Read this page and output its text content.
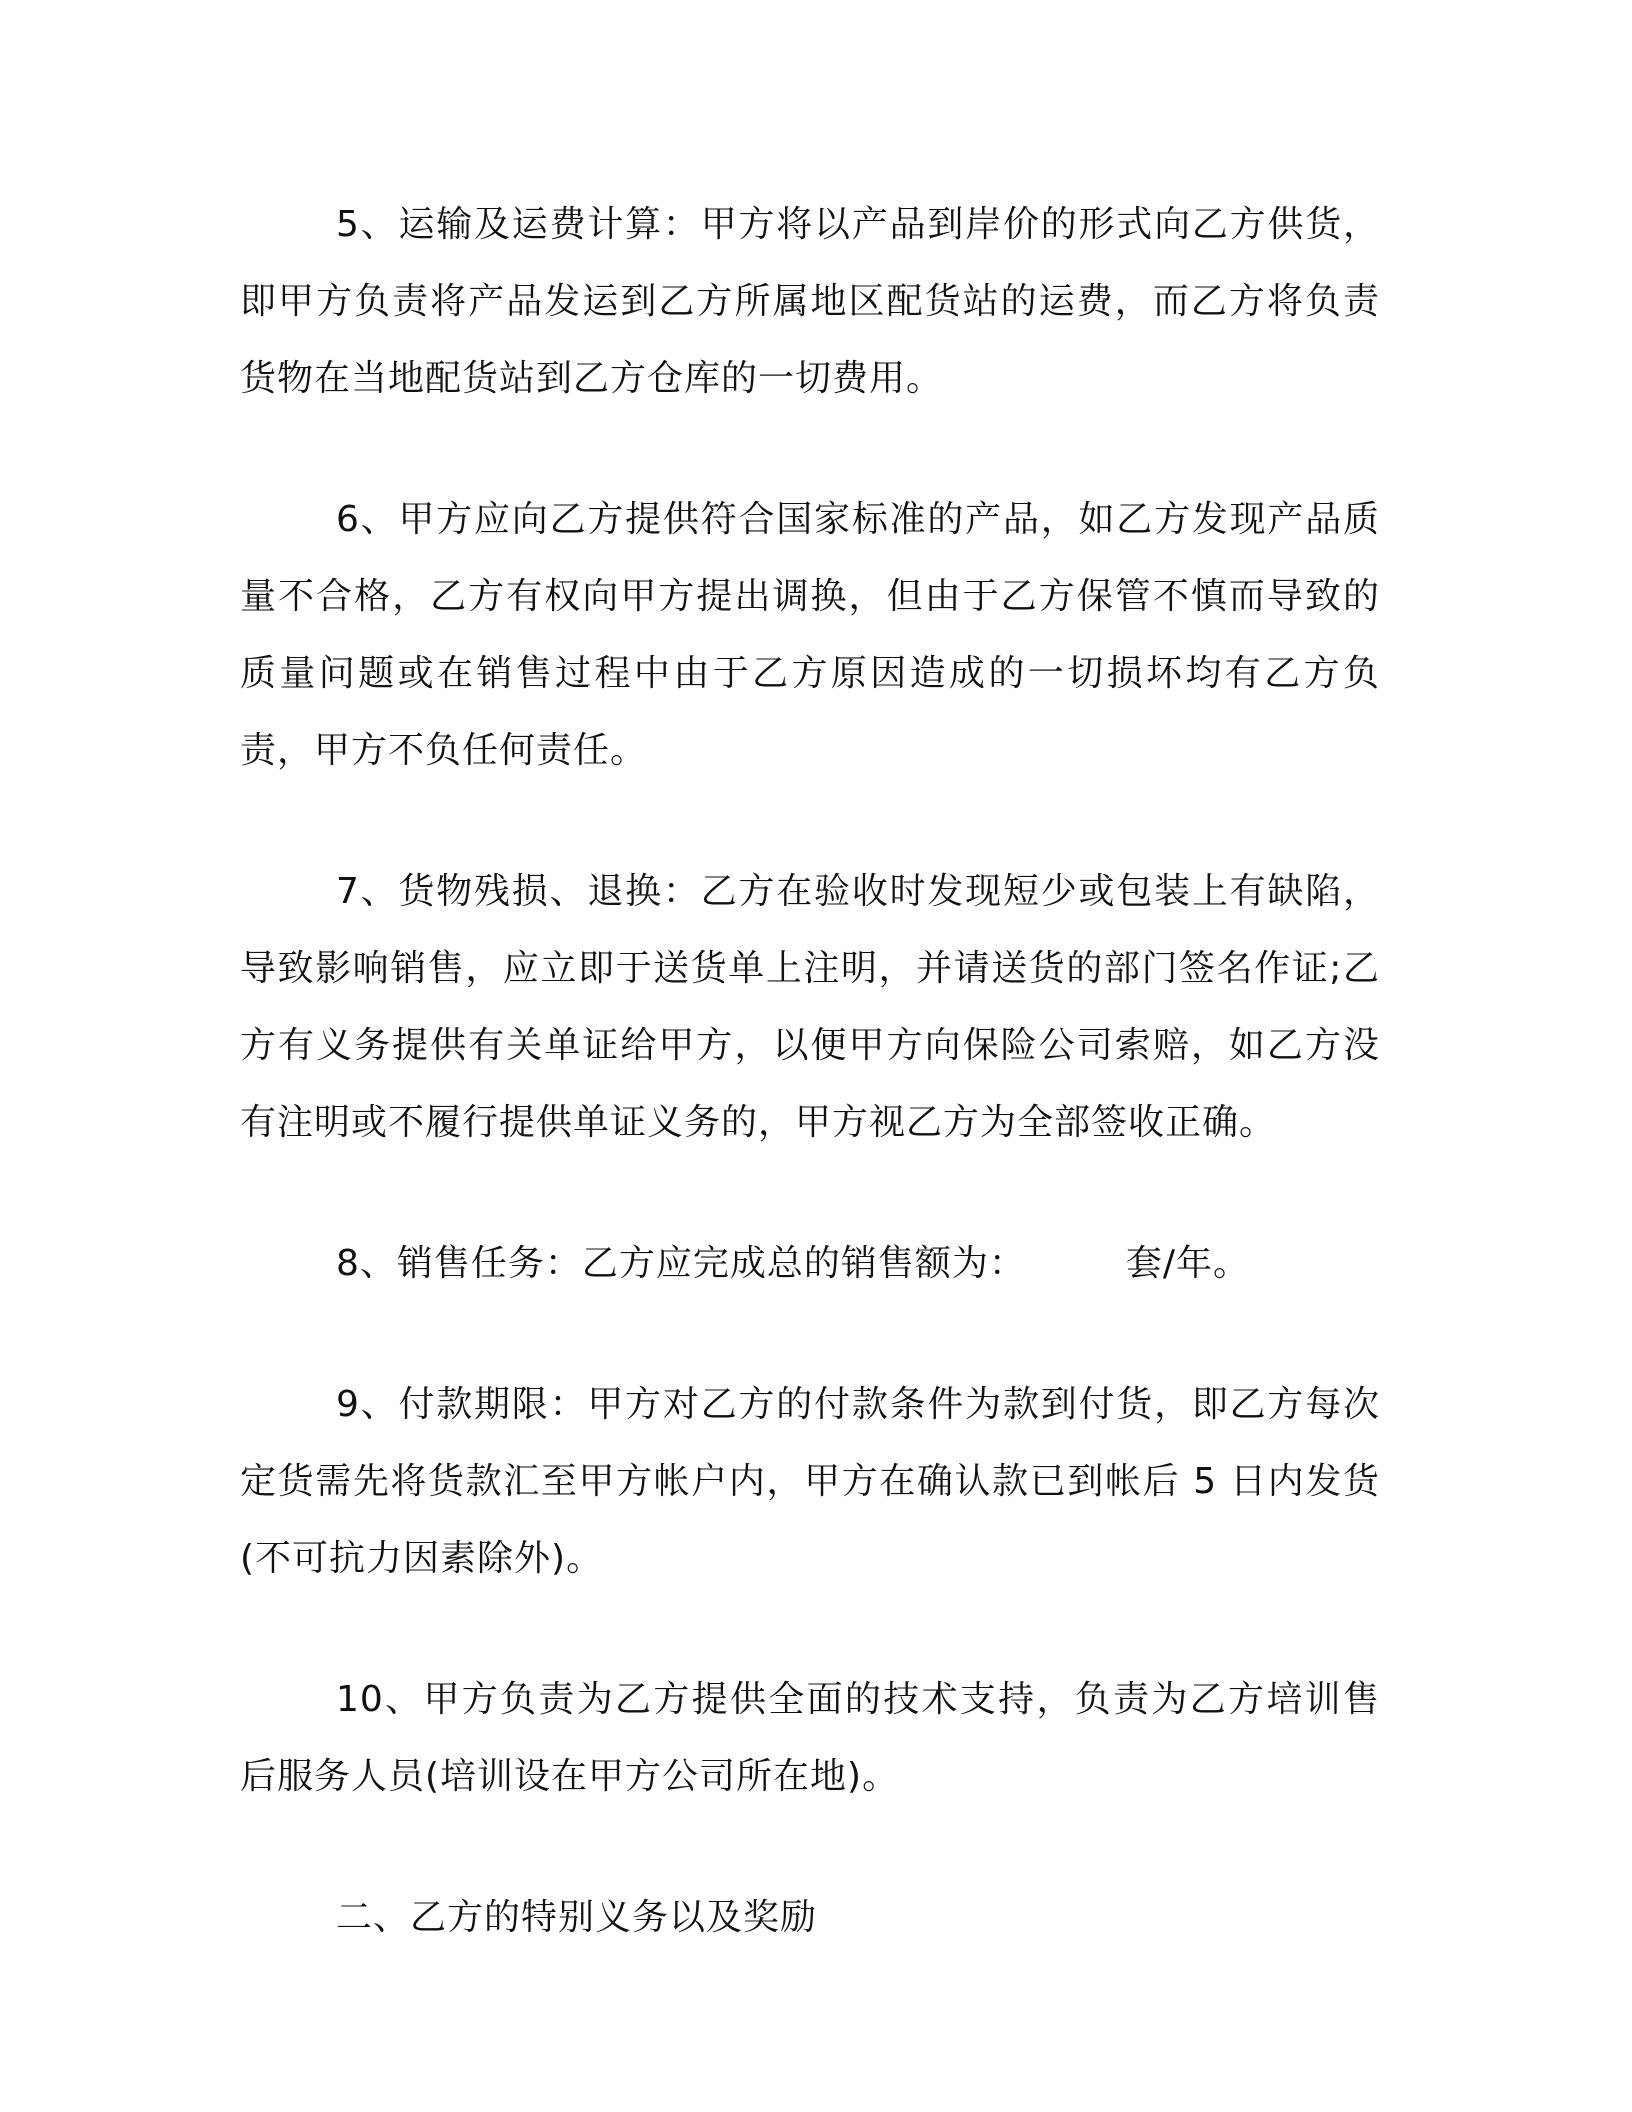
5、运输及运费计算：甲方将以产品到岸价的形式向乙方供货，即甲方负责将产品发运到乙方所属地区配货站的运费，而乙方将负责货物在当地配货站到乙方仓库的一切费用。

6、甲方应向乙方提供符合国家标准的产品，如乙方发现产品质量不合格，乙方有权向甲方提出调换，但由于乙方保管不慎而导致的质量问题或在销售过程中由于乙方原因造成的一切损坏均有乙方负责，甲方不负任何责任。

7、货物残损、退换：乙方在验收时发现短少或包装上有缺陷，导致影响销售，应立即于送货单上注明，并请送货的部门签名作证;乙方有义务提供有关单证给甲方，以便甲方向保险公司索赔，如乙方没有注明或不履行提供单证义务的，甲方视乙方为全部签收正确。

8、销售任务：乙方应完成总的销售额为：	套/年。

9、付款期限：甲方对乙方的付款条件为款到付货，即乙方每次定货需先将货款汇至甲方帐户内，甲方在确认款已到帐后 5 日内发货(不可抗力因素除外)。

10、甲方负责为乙方提供全面的技术支持，负责为乙方培训售后服务人员(培训设在甲方公司所在地)。

二、乙方的特别义务以及奖励
